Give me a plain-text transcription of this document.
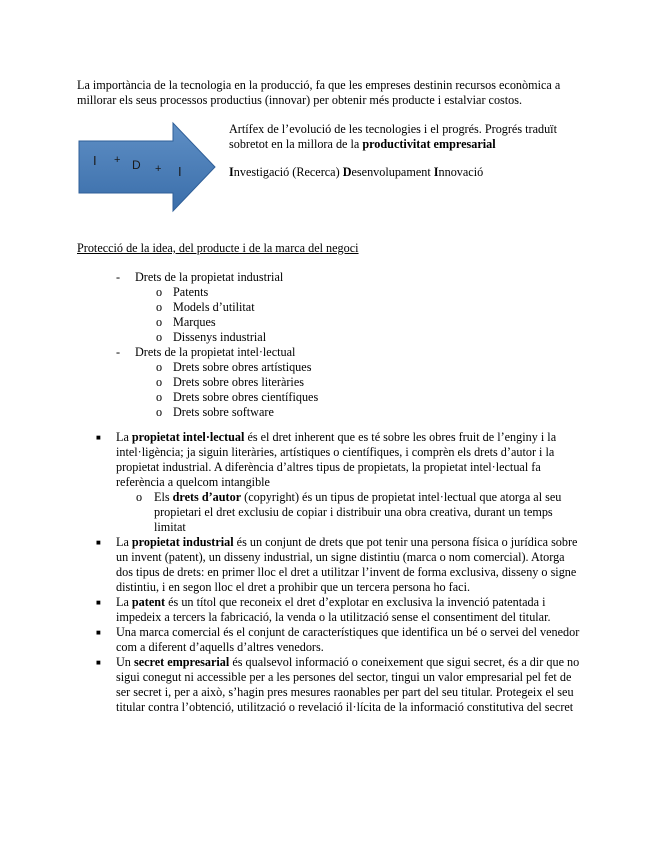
La importància de la tecnologia en la producció, fa que les empreses destinin recursos econòmica a millorar els seus processos productius (innovar) per obtenir més producte i estalviar costos.
I + D + I

Artífex de l’evolució de les tecnologies i el progrés. Progrés traduït sobretot en la millora de la productivitat empresarial

Investigació (Recerca) Desenvolupament Innovació

Protecció de la idea, del producte i de la marca del negoci
- Drets de la propietat industrial
o Patents
o Models d’utilitat
o Marques
o Dissenys industrial
- Drets de la propietat intel·lectual
o Drets sobre obres artístiques
o Drets sobre obres literàries
o Drets sobre obres científiques
o Drets sobre software
■ La propietat intel·lectual és el dret inherent que es té sobre les obres fruit de l’enginy i la intel·ligència; ja siguin literàries, artístiques o científiques, i comprèn els drets d’autor i la propietat industrial. A diferència d’altres tipus de propietats, la propietat intel·lectual fa referència a quelcom intangible
o Els drets d’autor (copyright) és un tipus de propietat intel·lectual que atorga al seu propietari el dret exclusiu de copiar i distribuir una obra creativa, durant un temps limitat
■ La propietat industrial és un conjunt de drets que pot tenir una persona física o jurídica sobre un invent (patent), un disseny industrial, un signe distintiu (marca o nom comercial). Atorga dos tipus de drets: en primer lloc el dret a utilitzar l’invent de forma exclusiva, disseny o signe distintiu, i en segon lloc el dret a prohibir que un tercera persona ho faci.
■ La patent és un títol que reconeix el dret d’explotar en exclusiva la invenció patentada i impedeix a tercers la fabricació, la venda o la utilització sense el consentiment del titular.
■ Una marca comercial és el conjunt de característiques que identifica un bé o servei del venedor com a diferent d’aquells d’altres venedors.
■ Un secret empresarial és qualsevol informació o coneixement que sigui secret, és a dir que no sigui conegut ni accessible per a les persones del sector, tingui un valor empresarial pel fet de ser secret i, per a això, s’hagin pres mesures raonables per part del seu titular. Protegeix el seu titular contra l’obtenció, utilització o revelació il·lícita de la informació constitutiva del secret
